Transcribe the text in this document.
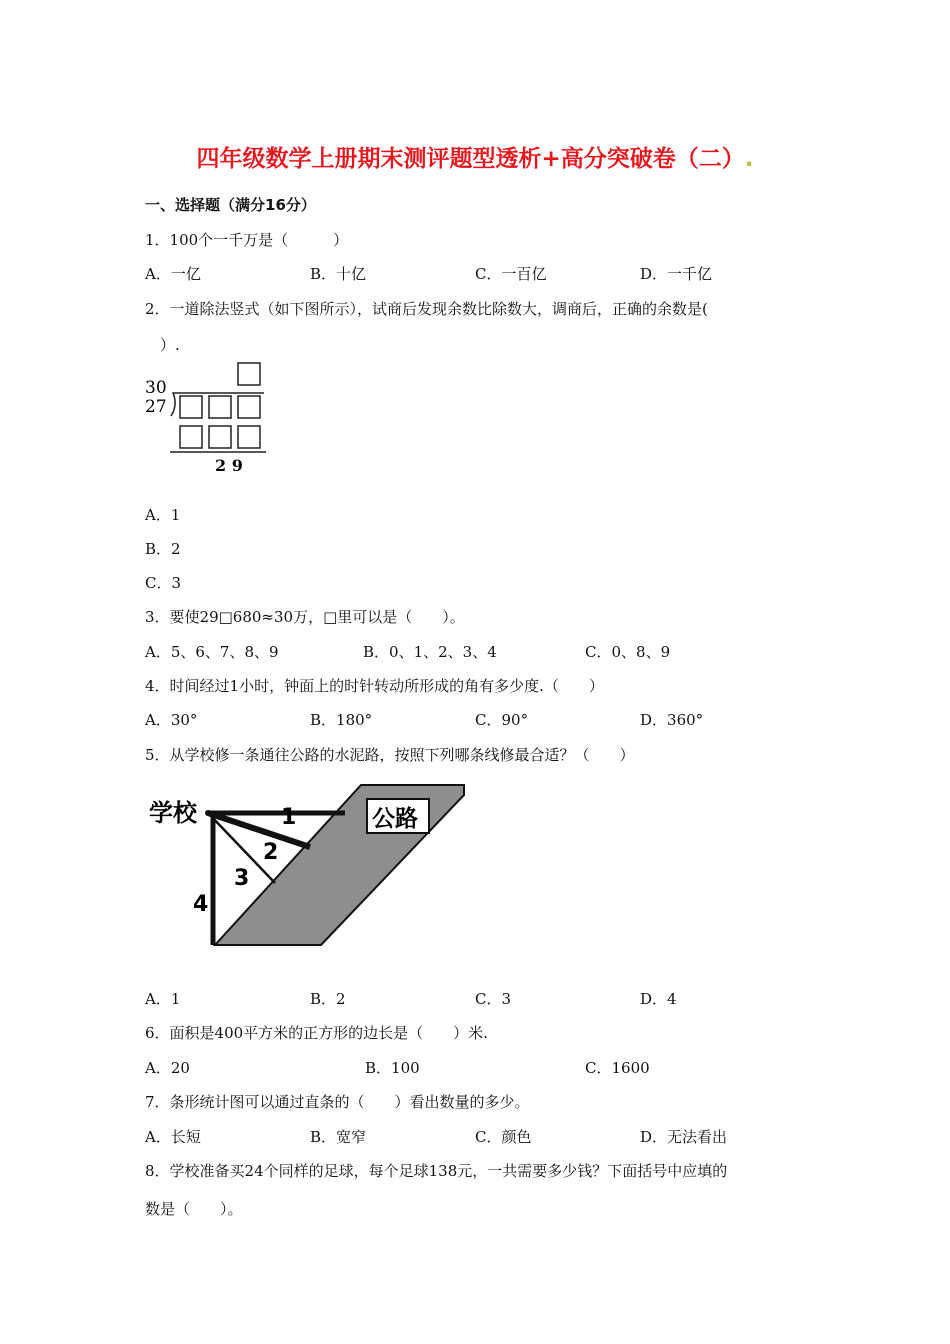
四年级数学上册期末测评题型透析+高分突破卷（二）.
一、选择题（满分16分）
1．100个一千万是（　　　）
A．一亿	B．十亿	C．一百亿	D．一千亿
2．一道除法竖式（如下图所示），试商后发现余数比除数大，调商后，正确的余数是(
　）.
30
27
2 9
A．1
B．2
C．3
3．要使29□680≈30万，□里可以是（　　）。
A．5、6、7、8、9	B．0、1、2、3、4	C．0、8、9
4．时间经过1小时，钟面上的时针转动所形成的角有多少度.（　　）
A．30°	B．180°	C．90°	D．360°
5．从学校修一条通往公路的水泥路，按照下列哪条线修最合适？（　　）
公路
学校	1
2
3
4
A．1	B．2	C．3	D．4
6．面积是400平方米的正方形的边长是（　　）米.
A．20	B．100	C．1600
7．条形统计图可以通过直条的（　　）看出数量的多少。
A．长短	B．宽窄	C．颜色	D．无法看出
8．学校准备买24个同样的足球，每个足球138元，一共需要多少钱？下面括号中应填的
数是（　　）。
